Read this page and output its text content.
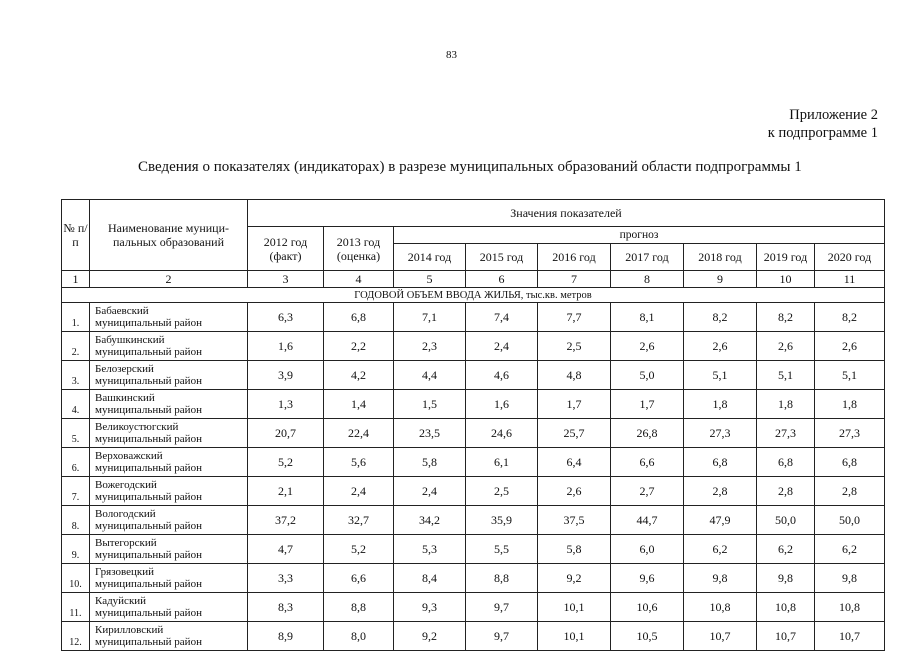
83
Приложение 2
к подпрограмме 1
Сведения о показателях (индикаторах) в разрезе муниципальных образований области подпрограммы 1
№ п/п	Наименование муници-пальных образований	Значения показателей								
		2012 год (факт)	2013 год (оценка)	прогноз						
				2014 год	2015 год	2016 год	2017 год	2018 год	2019 год	2020 год
1	2	3	4	5	6	7	8	9	10	11
ГОДОВОЙ ОБЪЕМ ВВОДА ЖИЛЬЯ, тыс.кв. метров										
1.	Бабаевский
муниципальный район	6,3	6,8	7,1	7,4	7,7	8,1	8,2	8,2	8,2
2.	Бабушкинский
муниципальный район	1,6	2,2	2,3	2,4	2,5	2,6	2,6	2,6	2,6
3.	Белозерский
муниципальный район	3,9	4,2	4,4	4,6	4,8	5,0	5,1	5,1	5,1
4.	Вашкинский
муниципальный район	1,3	1,4	1,5	1,6	1,7	1,7	1,8	1,8	1,8
5.	Великоустюгский
муниципальный район	20,7	22,4	23,5	24,6	25,7	26,8	27,3	27,3	27,3
6.	Верховажский
муниципальный район	5,2	5,6	5,8	6,1	6,4	6,6	6,8	6,8	6,8
7.	Вожегодский
муниципальный район	2,1	2,4	2,4	2,5	2,6	2,7	2,8	2,8	2,8
8.	Вологодский
муниципальный район	37,2	32,7	34,2	35,9	37,5	44,7	47,9	50,0	50,0
9.	Вытегорский
муниципальный район	4,7	5,2	5,3	5,5	5,8	6,0	6,2	6,2	6,2
10.	Грязовецкий
муниципальный район	3,3	6,6	8,4	8,8	9,2	9,6	9,8	9,8	9,8
11.	Кадуйский
муниципальный район	8,3	8,8	9,3	9,7	10,1	10,6	10,8	10,8	10,8
12.	Кирилловский
муниципальный район	8,9	8,0	9,2	9,7	10,1	10,5	10,7	10,7	10,7
